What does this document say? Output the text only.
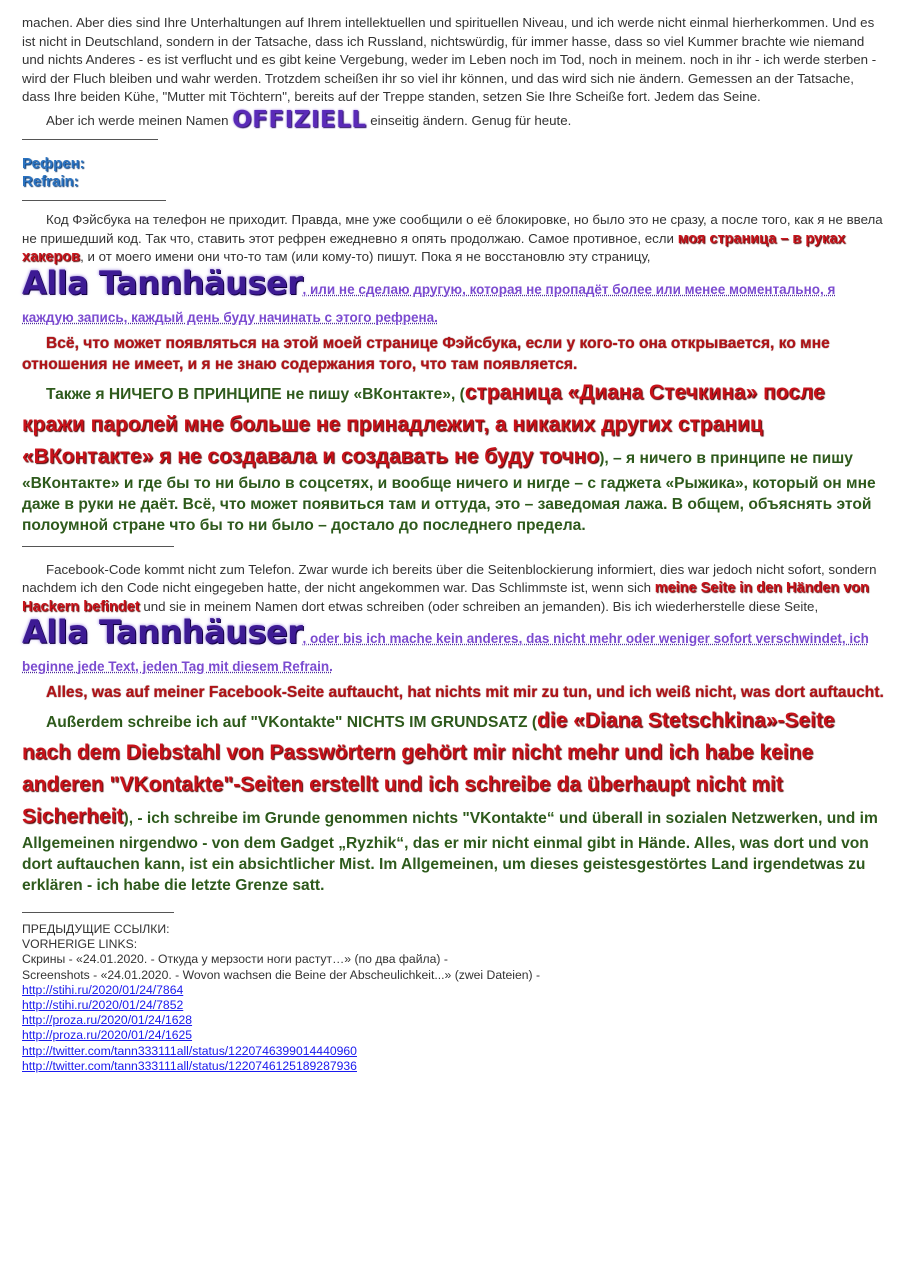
machen. Aber dies sind Ihre Unterhaltungen auf Ihrem intellektuellen und spirituellen Niveau, und ich werde nicht einmal hierherkommen. Und es ist nicht in Deutschland, sondern in der Tatsache, dass ich Russland, nichtswürdig, für immer hasse, dass so viel Kummer brachte wie niemand und nichts Anderes - es ist verflucht und es gibt keine Vergebung, weder im Leben noch im Tod, noch in meinem. noch in ihr - ich werde sterben - wird der Fluch bleiben und wahr werden. Trotzdem scheißen ihr so viel ihr können, und das wird sich nie ändern. Gemessen an der Tatsache, dass Ihre beiden Kühe, "Mutter mit Töchtern", bereits auf der Treppe standen, setzen Sie Ihre Scheiße fort. Jedem das Seine.

Aber ich werde meinen Namen OFFIZIELL einseitig ändern. Genug für heute.

Рефрен:

Refrain:

Код Фэйсбука на телефон не приходит. Правда, мне уже сообщили о её блокировке, но было это не сразу, а после того, как я не ввела не пришедший код. Так что, ставить этот рефрен ежедневно я опять продолжаю. Самое противное, если моя страница – в руках хакеров, и от моего имени они что-то там (или кому-то) пишут. Пока я не восстановлю эту страницу,

Alla Tannhäuser, или не сделаю другую, которая не пропадёт более или менее моментально, я каждую запись, каждый день буду начинать с этого рефрена.

Всё, что может появляться на этой моей странице Фэйсбука, если у кого-то она открывается, ко мне отношения не имеет, и я не знаю содержания того, что там появляется.

Также я НИЧЕГО В ПРИНЦИПЕ не пишу «ВКонтакте», (страница «Диана Стечкина» после кражи паролей мне больше не принадлежит, а никаких других страниц «ВКонтакте» я не создавала и создавать не буду точно), – я ничего в принципе не пишу «ВКонтакте» и где бы то ни было в соцсетях, и вообще ничего и нигде – с гаджета «Рыжика», который он мне даже в руки не даёт. Всё, что может появиться там и оттуда, это – заведомая лажа. В общем, объяснять этой полоумной стране что бы то ни было – достало до последнего предела.

Facebook-Code kommt nicht zum Telefon. Zwar wurde ich bereits über die Seitenblockierung informiert, dies war jedoch nicht sofort, sondern nachdem ich den Code nicht eingegeben hatte, der nicht angekommen war. Das Schlimmste ist, wenn sich meine Seite in den Händen von Hackern befindet und sie in meinem Namen dort etwas schreiben (oder schreiben an jemanden). Bis ich wiederherstelle diese Seite,

Alla Tannhäuser, oder bis ich mache kein anderes, das nicht mehr oder weniger sofort verschwindet, ich beginne jede Text, jeden Tag mit diesem Refrain.

Alles, was auf meiner Facebook-Seite auftaucht, hat nichts mit mir zu tun, und ich weiß nicht, was dort auftaucht.

Außerdem schreibe ich auf "VKontakte" NICHTS IM GRUNDSATZ (die «Diana Stetschkina»-Seite nach dem Diebstahl von Passwörtern gehört mir nicht mehr und ich habe keine anderen "VKontakte"-Seiten erstellt und ich schreibe da überhaupt nicht mit Sicherheit), - ich schreibe im Grunde genommen nichts "VKontakte“ und überall in sozialen Netzwerken, und im Allgemeinen nirgendwo - von dem Gadget „Ryzhik“, das er mir nicht einmal gibt in Hände. Alles, was dort und von dort auftauchen kann, ist ein absichtlicher Mist. Im Allgemeinen, um dieses geistesgestörtes Land irgendetwas zu erklären - ich habe die letzte Grenze satt.

ПРЕДЫДУЩИЕ ССЫЛКИ:
VORHERIGE LINKS:
Скрины - «24.01.2020. - Откуда у мерзости ноги растут…» (по два файла) -
Screenshots - «24.01.2020. - Wovon wachsen die Beine der Abscheulichkeit...» (zwei Dateien) -
http://stihi.ru/2020/01/24/7864
http://stihi.ru/2020/01/24/7852
http://proza.ru/2020/01/24/1628
http://proza.ru/2020/01/24/1625
http://twitter.com/tann333111all/status/1220746399014440960
http://twitter.com/tann333111all/status/1220746125189287936
